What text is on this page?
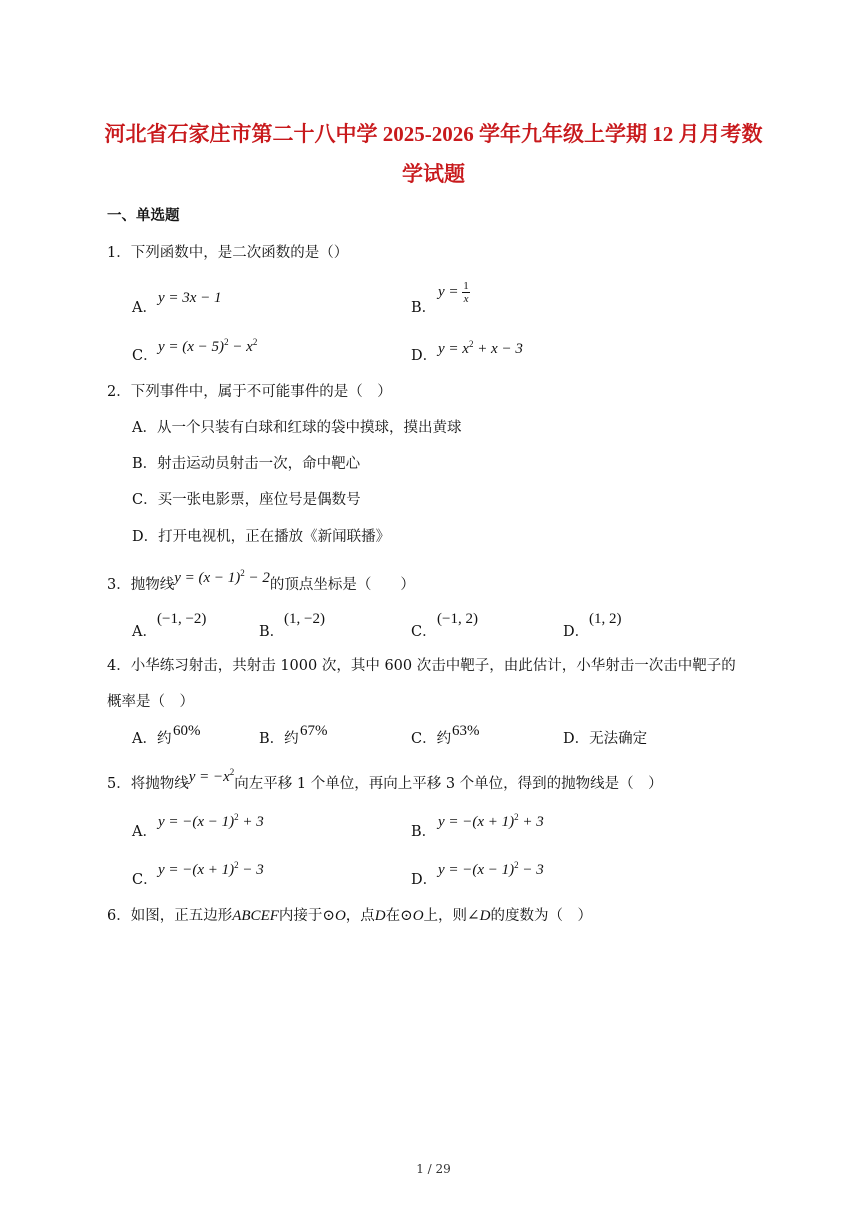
河北省石家庄市第二十八中学 2025-2026 学年九年级上学期 12 月月考数
学试题
一、单选题
1．下列函数中，是二次函数的是（）
A．
y = 3x − 1
B．
$y = \frac{1}{x}$
C．
$y = (x - 5)^2 - x^2$
D． $y = x^2 + x - 3$
2．下列事件中，属于不可能事件的是（　）
A．从一个只装有白球和红球的袋中摸球，摸出黄球
B．射击运动员射击一次，命中靶心
C．买一张电影票，座位号是偶数号
D．打开电视机，正在播放《新闻联播》
3．抛物线$y = (x - 1)^2 - 2$的顶点坐标是（　　）
A．
(−1, −2)
B．
(1, −2)
C．
(−1, 2)
D．
(1, 2)
4．小华练习射击，共射击 1000 次，其中 600 次击中靶子，由此估计，小华射击一次击中靶子的
概率是（　）
A．约 60%	B．约 67%	C．约 63%	D．无法确定
5．将抛物线$y = -x^2$向左平移 1 个单位，再向上平移 3 个单位，得到的抛物线是（　）
A．
$y = -(x - 1)^2 + 3$
B．
$y = -(x + 1)^2 + 3$
C．
$y = -(x + 1)^2 - 3$
D．
$y = -(x - 1)^2 - 3$
6．如图，正五边形ABCEF内接于⊙O，点D在⊙O上，则∠D的度数为（　）
1 / 29
